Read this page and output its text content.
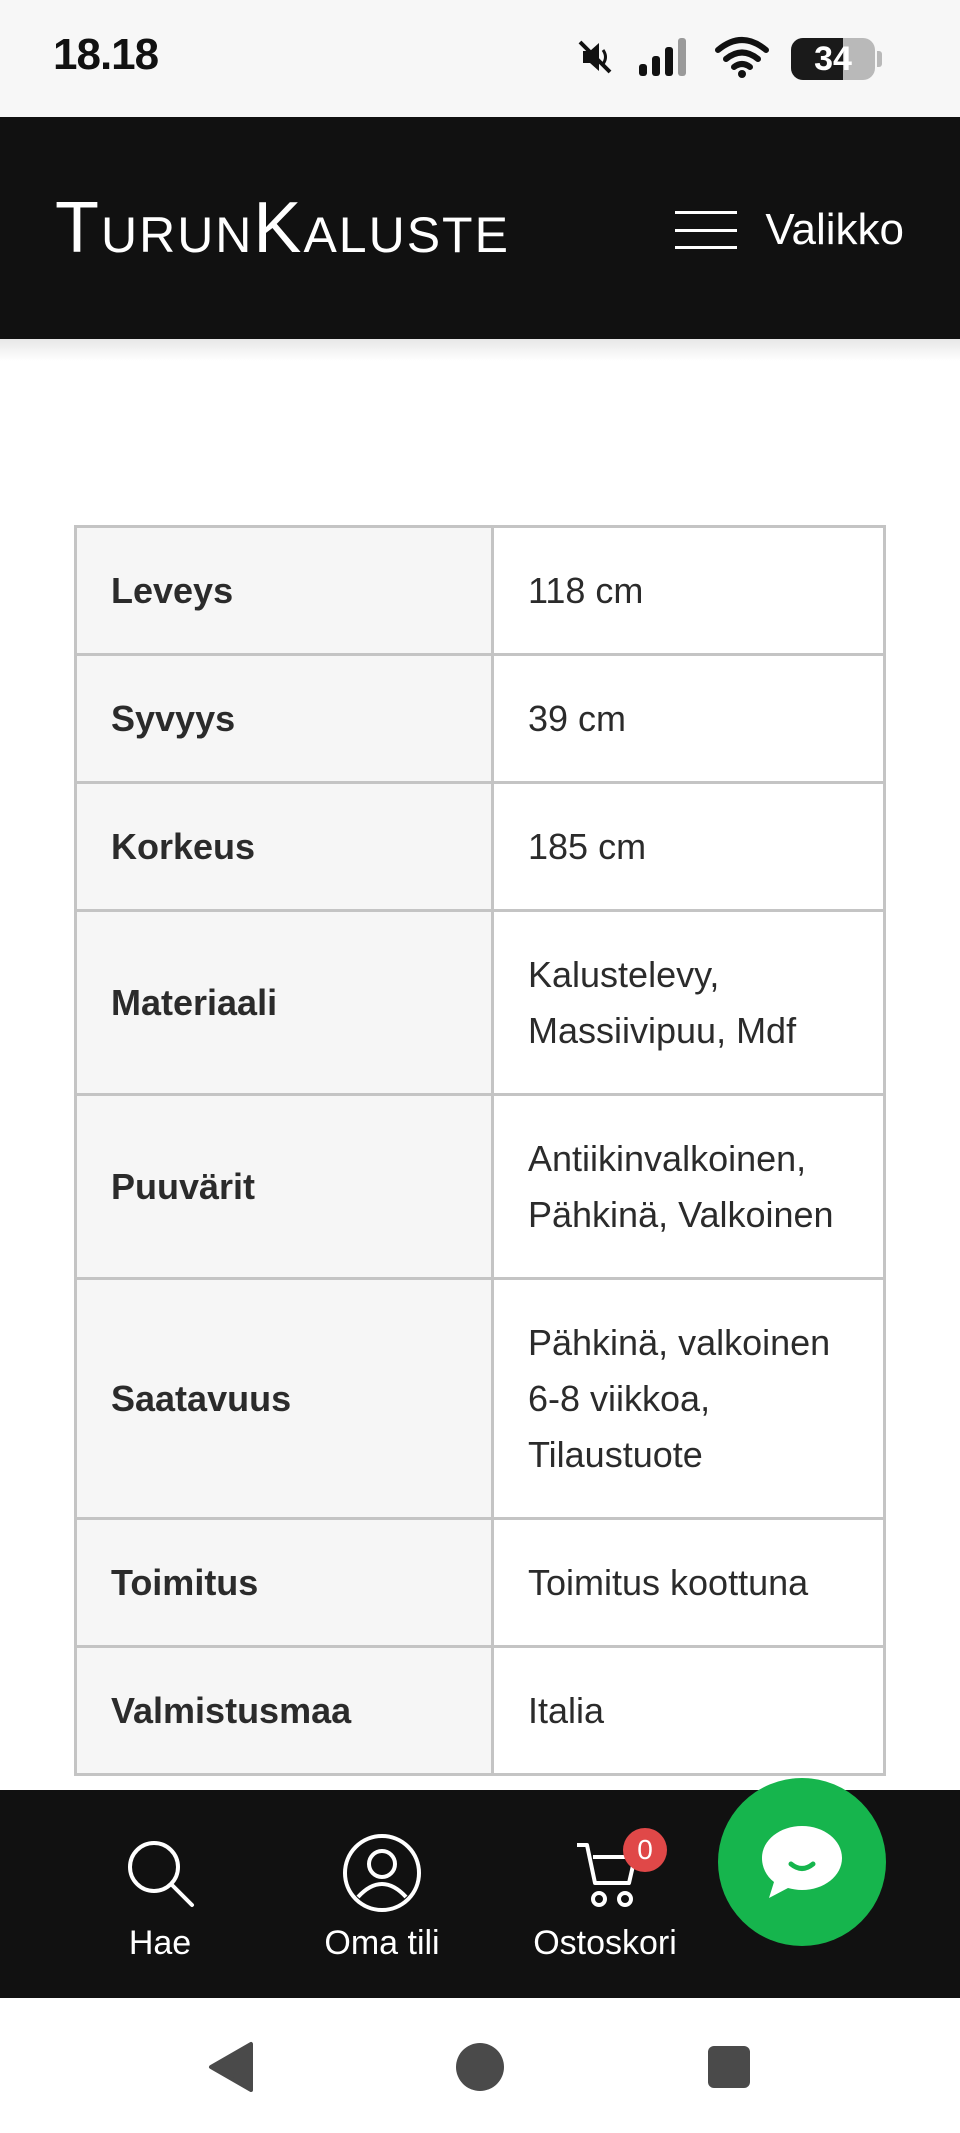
18.18	34
TurunKaluste	Valikko
Leveys	118 cm

Syvyys	39 cm

Korkeus	185 cm

Materiaali	Kalustelevy,
Massiivipuu, Mdf

Puuvärit	Antiikinvalkoinen,
Pähkinä, Valkoinen

Saatavuus	Pähkinä, valkoinen
6-8 viikkoa,
Tilaustuote

Toimitus	Toimitus koottuna

Valmistusmaa	Italia
Hae	Oma tili
0
Ostoskori
